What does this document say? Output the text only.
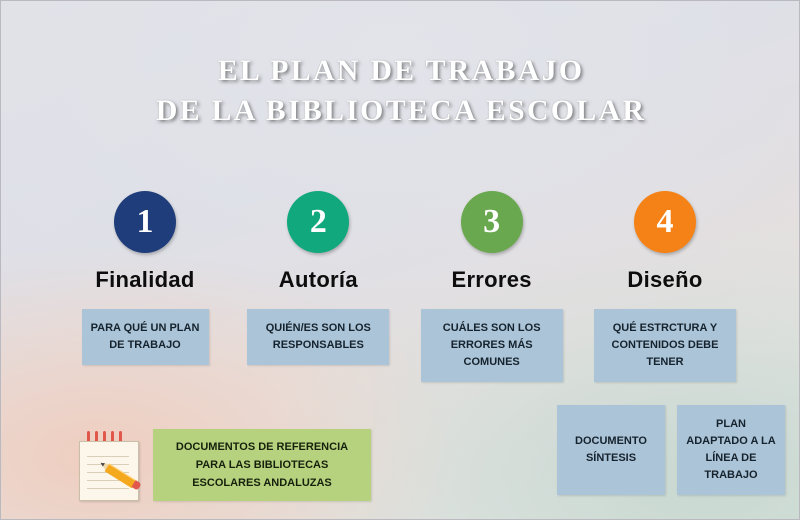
EL PLAN DE TRABAJO
DE LA BIBLIOTECA ESCOLAR
1
Finalidad
PARA QUÉ UN PLAN DE TRABAJO
2
Autoría
QUIÉN/ES SON LOS RESPONSABLES
3
Errores
CUÁLES SON LOS ERRORES MÁS COMUNES
4
Diseño
QUÉ ESTRCTURA Y CONTENIDOS DEBE TENER
DOCUMENTO SÍNTESIS
PLAN ADAPTADO A LA LÍNEA DE TRABAJO
DOCUMENTOS DE REFERENCIA PARA LAS BIBLIOTECAS ESCOLARES ANDALUZAS
